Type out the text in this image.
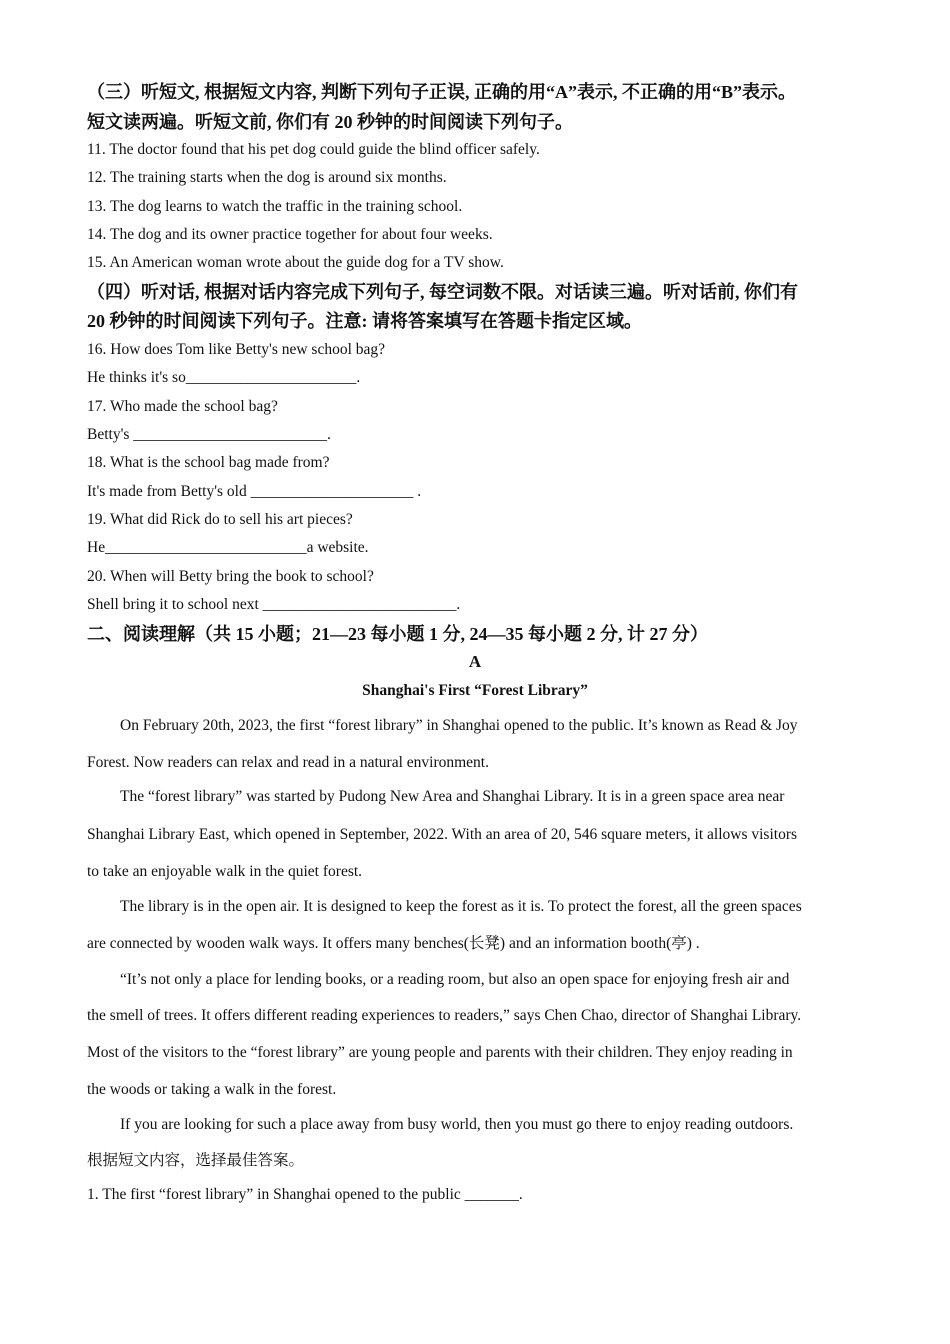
（三）听短文, 根据短文内容, 判断下列句子正误, 正确的用“A”表示, 不正确的用“B”表示。
短文读两遍。听短文前, 你们有 20 秒钟的时间阅读下列句子。
11. The doctor found that his pet dog could guide the blind officer safely.
12. The training starts when the dog is around six months.
13. The dog learns to watch the traffic in the training school.
14. The dog and its owner practice together for about four weeks.
15. An American woman wrote about the guide dog for a TV show.
（四）听对话, 根据对话内容完成下列句子, 每空词数不限。对话读三遍。听对话前, 你们有
20 秒钟的时间阅读下列句子。注意: 请将答案填写在答题卡指定区域。
16. How does Tom like Betty's new school bag?
He thinks it's so______________________.
17. Who made the school bag?
Betty's _________________________.
18. What is the school bag made from?
It's made from Betty's old _____________________ .
19. What did Rick do to sell his art pieces?
He__________________________a website.
20. When will Betty bring the book to school?
Shell bring it to school next _________________________.
二、阅读理解（共 15 小题；21—23 每小题 1 分, 24—35 每小题 2 分, 计 27 分）
A
Shanghai's First “Forest Library”
On February 20th, 2023, the first “forest library” in Shanghai opened to the public. It’s known as Read & Joy
Forest. Now readers can relax and read in a natural environment.
The “forest library” was started by Pudong New Area and Shanghai Library. It is in a green space area near
Shanghai Library East, which opened in September, 2022. With an area of 20, 546 square meters, it allows visitors
to take an enjoyable walk in the quiet forest.
The library is in the open air. It is designed to keep the forest as it is. To protect the forest, all the green spaces
are connected by wooden walk ways. It offers many benches(长凳) and an information booth(亭) .
“It’s not only a place for lending books, or a reading room, but also an open space for enjoying fresh air and
the smell of trees. It offers different reading experiences to readers,” says Chen Chao, director of Shanghai Library.
Most of the visitors to the “forest library” are young people and parents with their children. They enjoy reading in
the woods or taking a walk in the forest.
If you are looking for such a place away from busy world, then you must go there to enjoy reading outdoors.
根据短文内容，选择最佳答案。
1. The first “forest library” in Shanghai opened to the public _______.
